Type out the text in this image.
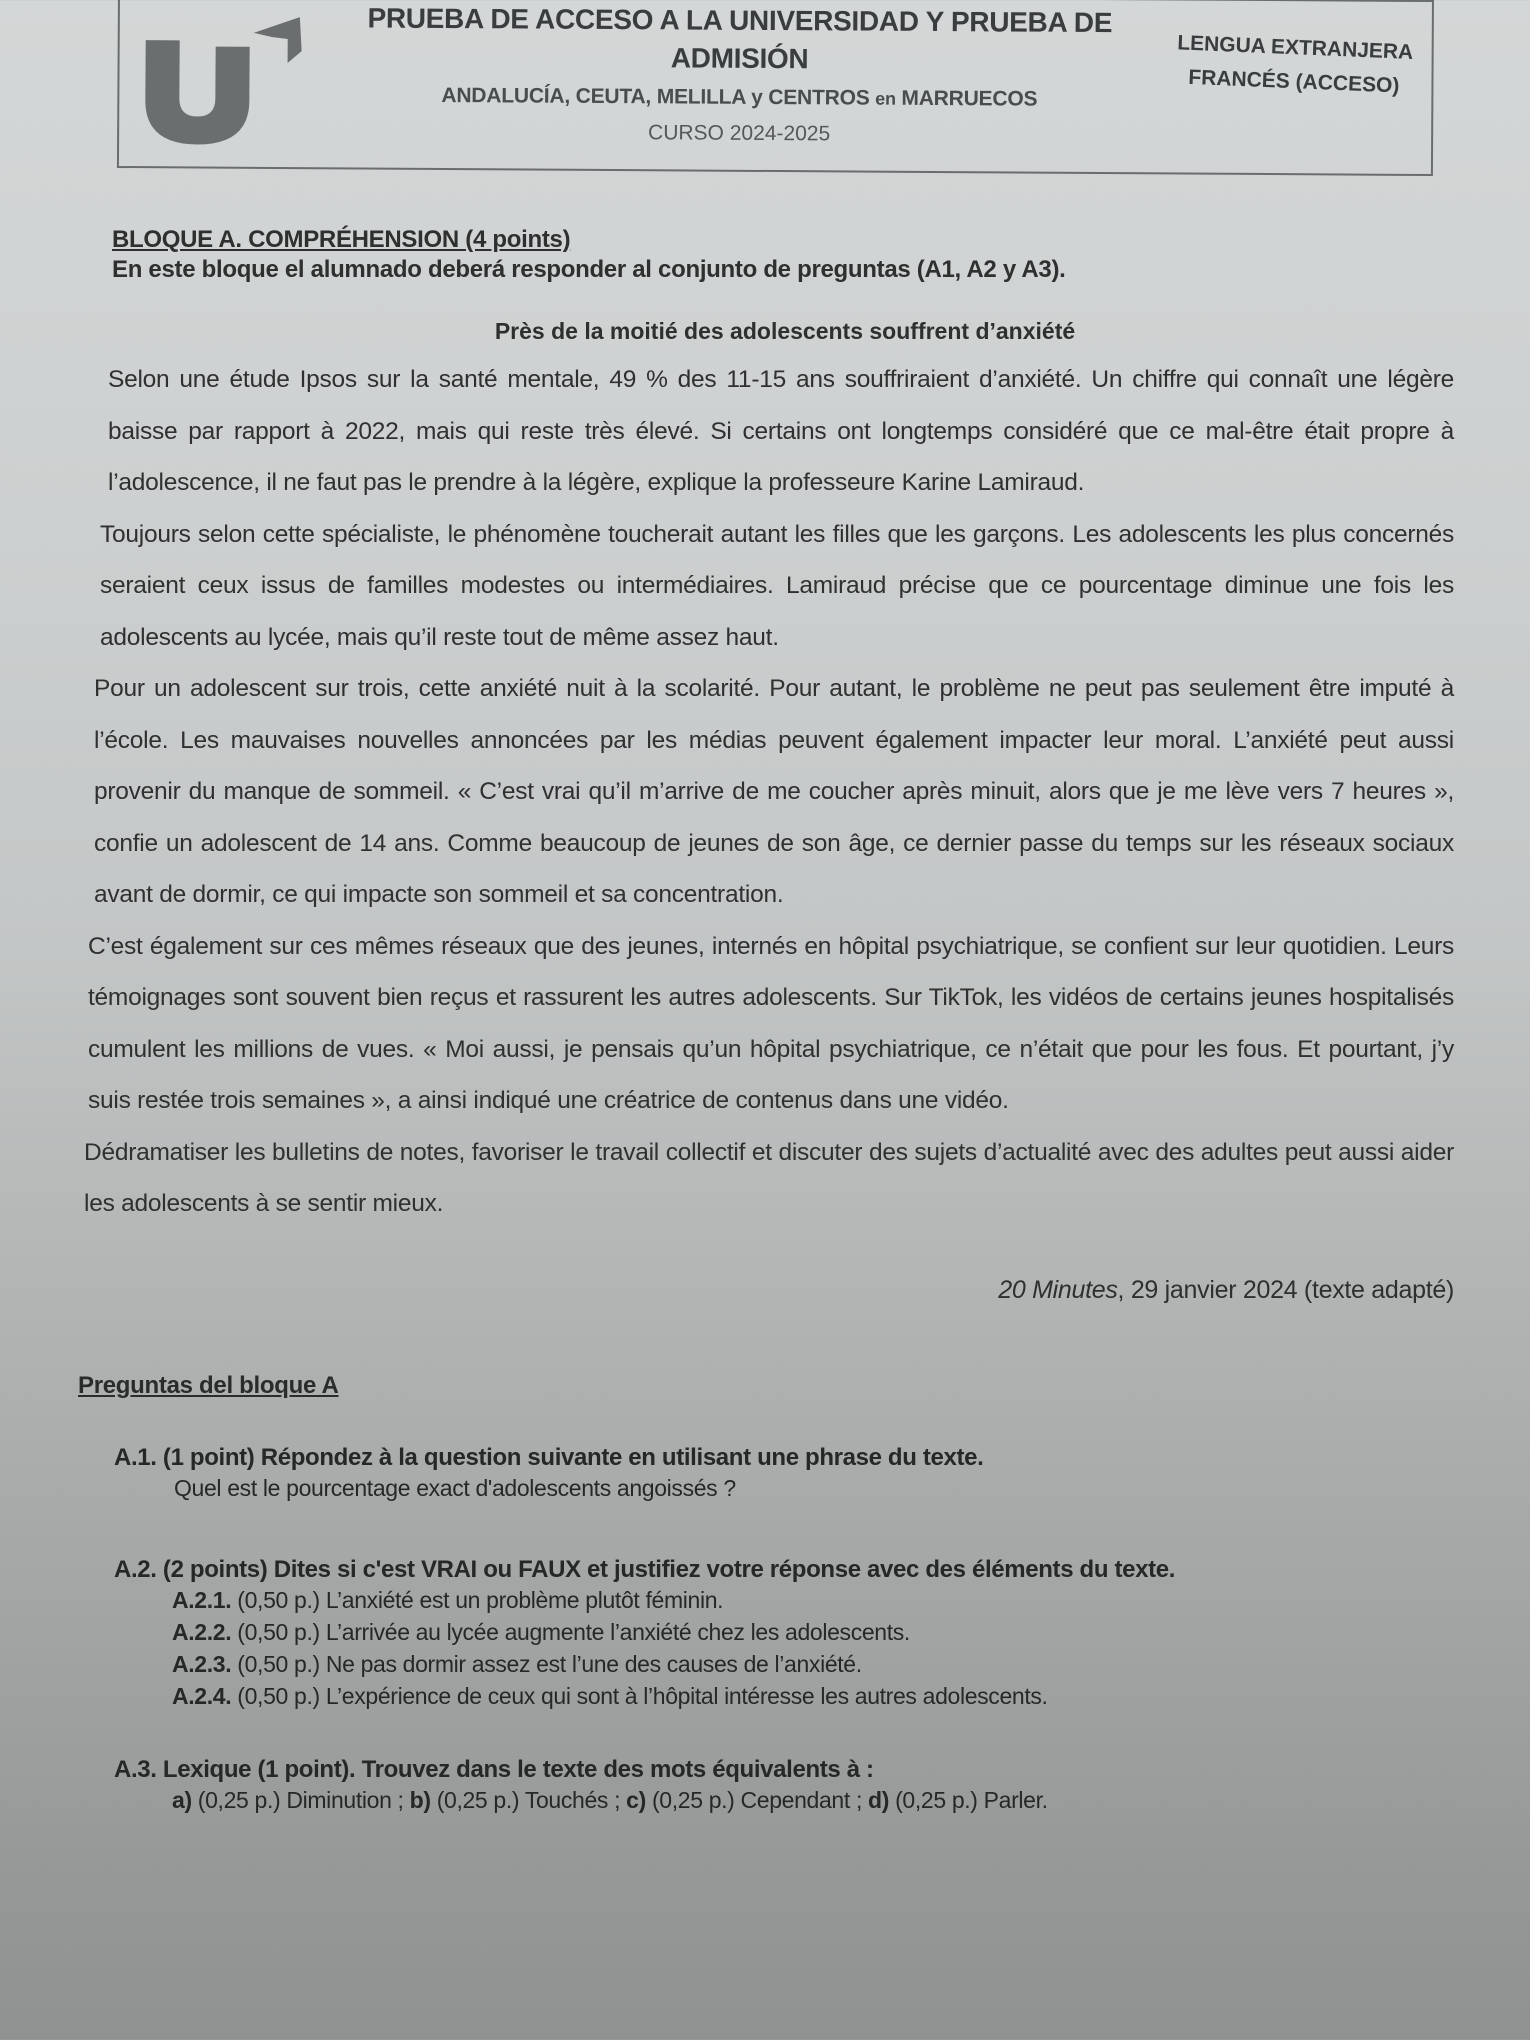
PRUEBA DE ACCESO A LA UNIVERSIDAD Y PRUEBA DE
ADMISIÓN
ANDALUCÍA, CEUTA, MELILLA y CENTROS en MARRUECOS
CURSO 2024-2025
LENGUA EXTRANJERA
FRANCÉS (ACCESO)
BLOQUE A. COMPRÉHENSION (4 points)
En este bloque el alumnado deberá responder al conjunto de preguntas (A1, A2 y A3).
Près de la moitié des adolescents souffrent d’anxiété

Selon une étude Ipsos sur la santé mentale, 49 % des 11-15 ans souffriraient d’anxiété. Un chiffre qui connaît une légère baisse par rapport à 2022, mais qui reste très élevé. Si certains ont longtemps considéré que ce mal-être était propre à l’adolescence, il ne faut pas le prendre à la légère, explique la professeure Karine Lamiraud.

Toujours selon cette spécialiste, le phénomène toucherait autant les filles que les garçons. Les adolescents les plus concernés seraient ceux issus de familles modestes ou intermédiaires. Lamiraud précise que ce pourcentage diminue une fois les adolescents au lycée, mais qu’il reste tout de même assez haut.

Pour un adolescent sur trois, cette anxiété nuit à la scolarité. Pour autant, le problème ne peut pas seulement être imputé à l’école. Les mauvaises nouvelles annoncées par les médias peuvent également impacter leur moral. L’anxiété peut aussi provenir du manque de sommeil. « C’est vrai qu’il m’arrive de me coucher après minuit, alors que je me lève vers 7 heures », confie un adolescent de 14 ans. Comme beaucoup de jeunes de son âge, ce dernier passe du temps sur les réseaux sociaux avant de dormir, ce qui impacte son sommeil et sa concentration.

C’est également sur ces mêmes réseaux que des jeunes, internés en hôpital psychiatrique, se confient sur leur quotidien. Leurs témoignages sont souvent bien reçus et rassurent les autres adolescents. Sur TikTok, les vidéos de certains jeunes hospitalisés cumulent les millions de vues. « Moi aussi, je pensais qu’un hôpital psychiatrique, ce n’était que pour les fous. Et pourtant, j’y suis restée trois semaines », a ainsi indiqué une créatrice de contenus dans une vidéo.

Dédramatiser les bulletins de notes, favoriser le travail collectif et discuter des sujets d’actualité avec des adultes peut aussi aider les adolescents à se sentir mieux.

20 Minutes, 29 janvier 2024 (texte adapté)
Preguntas del bloque A
A.1. (1 point) Répondez à la question suivante en utilisant une phrase du texte.
Quel est le pourcentage exact d'adolescents angoissés ?
A.2. (2 points) Dites si c'est VRAI ou FAUX et justifiez votre réponse avec des éléments du texte.
A.2.1. (0,50 p.) L’anxiété est un problème plutôt féminin.
A.2.2. (0,50 p.) L’arrivée au lycée augmente l’anxiété chez les adolescents.
A.2.3. (0,50 p.) Ne pas dormir assez est l’une des causes de l’anxiété.
A.2.4. (0,50 p.) L’expérience de ceux qui sont à l’hôpital intéresse les autres adolescents.
A.3. Lexique (1 point). Trouvez dans le texte des mots équivalents à :
a) (0,25 p.) Diminution ; b) (0,25 p.) Touchés ; c) (0,25 p.) Cependant ; d) (0,25 p.) Parler.
